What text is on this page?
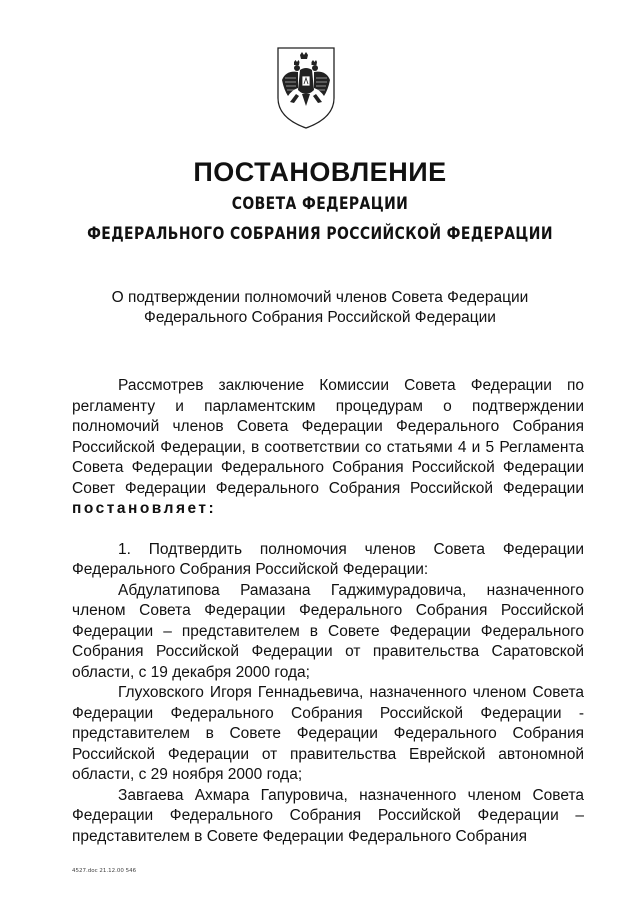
ПОСТАНОВЛЕНИЕ
СОВЕТА ФЕДЕРАЦИИ
ФЕДЕРАЛЬНОГО СОБРАНИЯ РОССИЙСКОЙ ФЕДЕРАЦИИ
О подтверждении полномочий членов Совета Федерации
Федерального Собрания Российской Федерации

Рассмотрев заключение Комиссии Совета Федерации по регламенту и парламентским процедурам о подтверждении полномочий членов Совета Федерации Федерального Собрания Российской Федерации, в соответствии со статьями 4 и 5 Регламента Совета Федерации Федерального Собрания Российской Федерации Совет Федерации Федерального Собрания Российской Федерации постановляет:

1. Подтвердить полномочия членов Совета Федерации Федерального Собрания Российской Федерации:

Абдулатипова Рамазана Гаджимурадовича, назначенного членом Совета Федерации Федерального Собрания Российской Федерации – представителем в Совете Федерации Федерального Собрания Российской Федерации от правительства Саратовской области, с 19 декабря 2000 года;

Глуховского Игоря Геннадьевича, назначенного членом Совета Федерации Федерального Собрания Российской Федерации - представителем в Совете Федерации Федерального Собрания Российской Федерации от правительства Еврейской автономной области, с 29 ноября 2000 года;

Завгаева Ахмара Гапуровича, назначенного членом Совета Федерации Федерального Собрания Российской Федерации – представителем в Совете Федерации Федерального Собрания

4527.doc 21.12.00 546
